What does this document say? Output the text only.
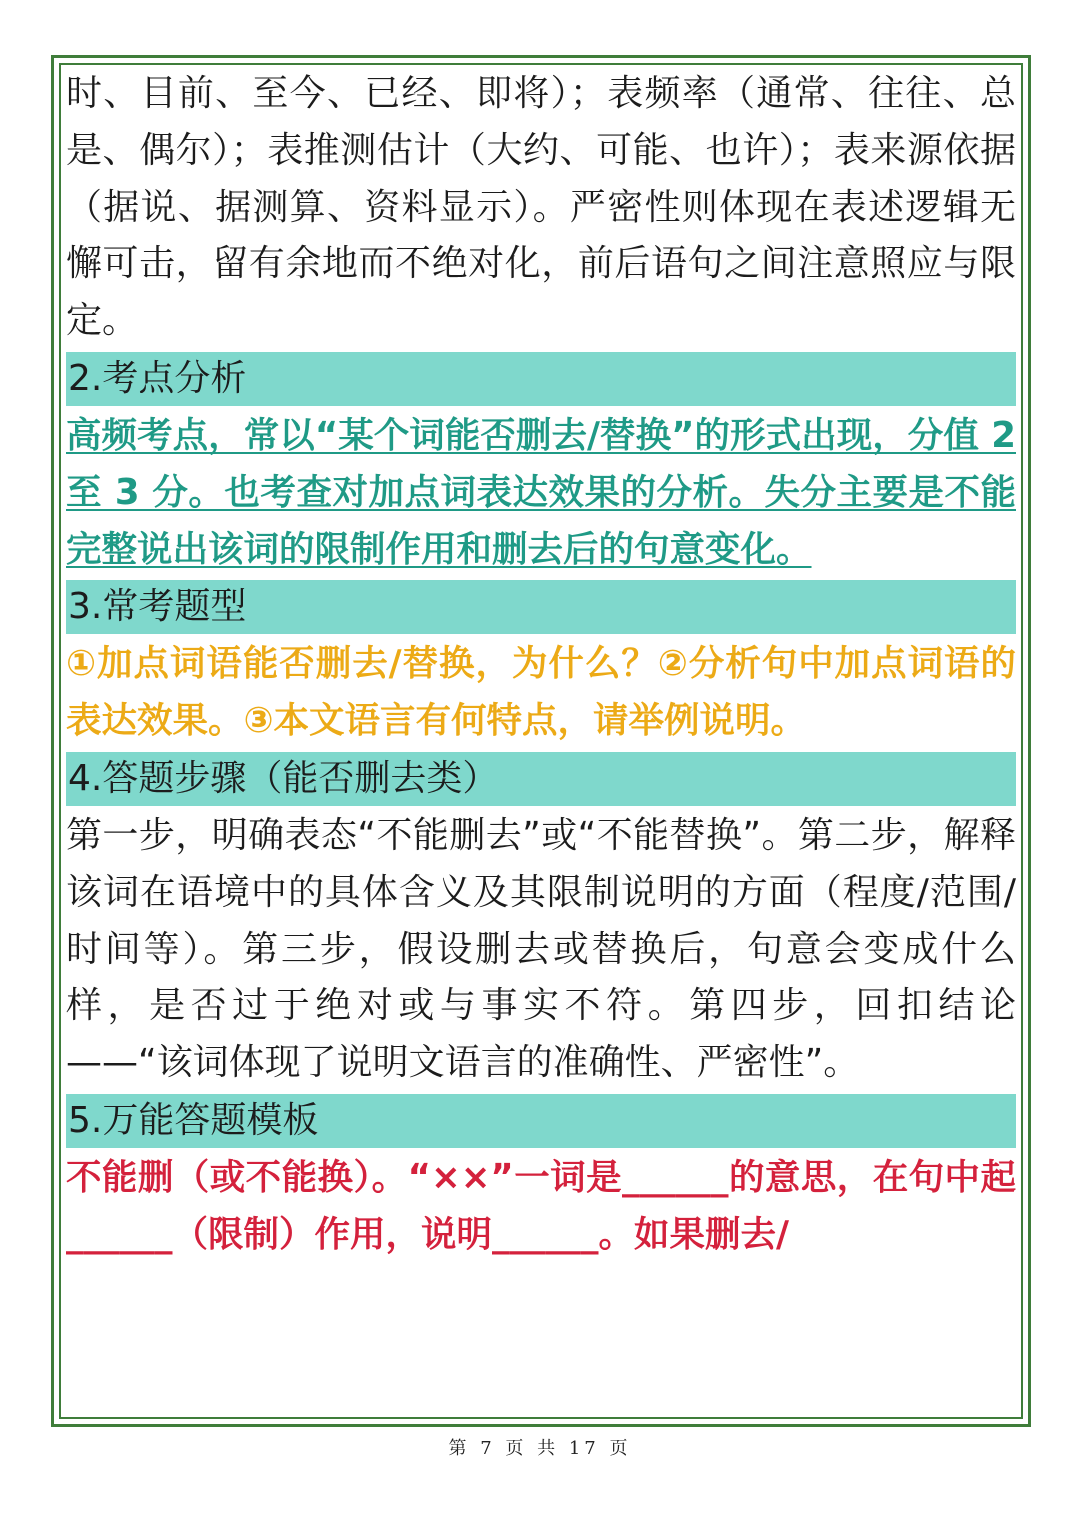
时、目前、至今、已经、即将）；表频率（通常、往往、总是、偶尔）；表推测估计（大约、可能、也许）；表来源依据（据说、据测算、资料显示）。严密性则体现在表述逻辑无懈可击，留有余地而不绝对化，前后语句之间注意照应与限定。

2.考点分析

高频考点，常以“某个词能否删去/替换”的形式出现，分值 2 至 3 分。也考查对加点词表达效果的分析。失分主要是不能完整说出该词的限制作用和删去后的句意变化。

3.常考题型

①加点词语能否删去/替换，为什么？②分析句中加点词语的表达效果。③本文语言有何特点，请举例说明。

4.答题步骤（能否删去类）

第一步，明确表态“不能删去”或“不能替换”。第二步，解释该词在语境中的具体含义及其限制说明的方面（程度/范围/时间等）。第三步，假设删去或替换后，句意会变成什么样，是否过于绝对或与事实不符。第四步，回扣结论——“该词体现了说明文语言的准确性、严密性”。

5.万能答题模板

不能删（或不能换）。“××”一词是______的意思，在句中起______（限制）作用，说明______。如果删去/

第 7 页 共 17 页
